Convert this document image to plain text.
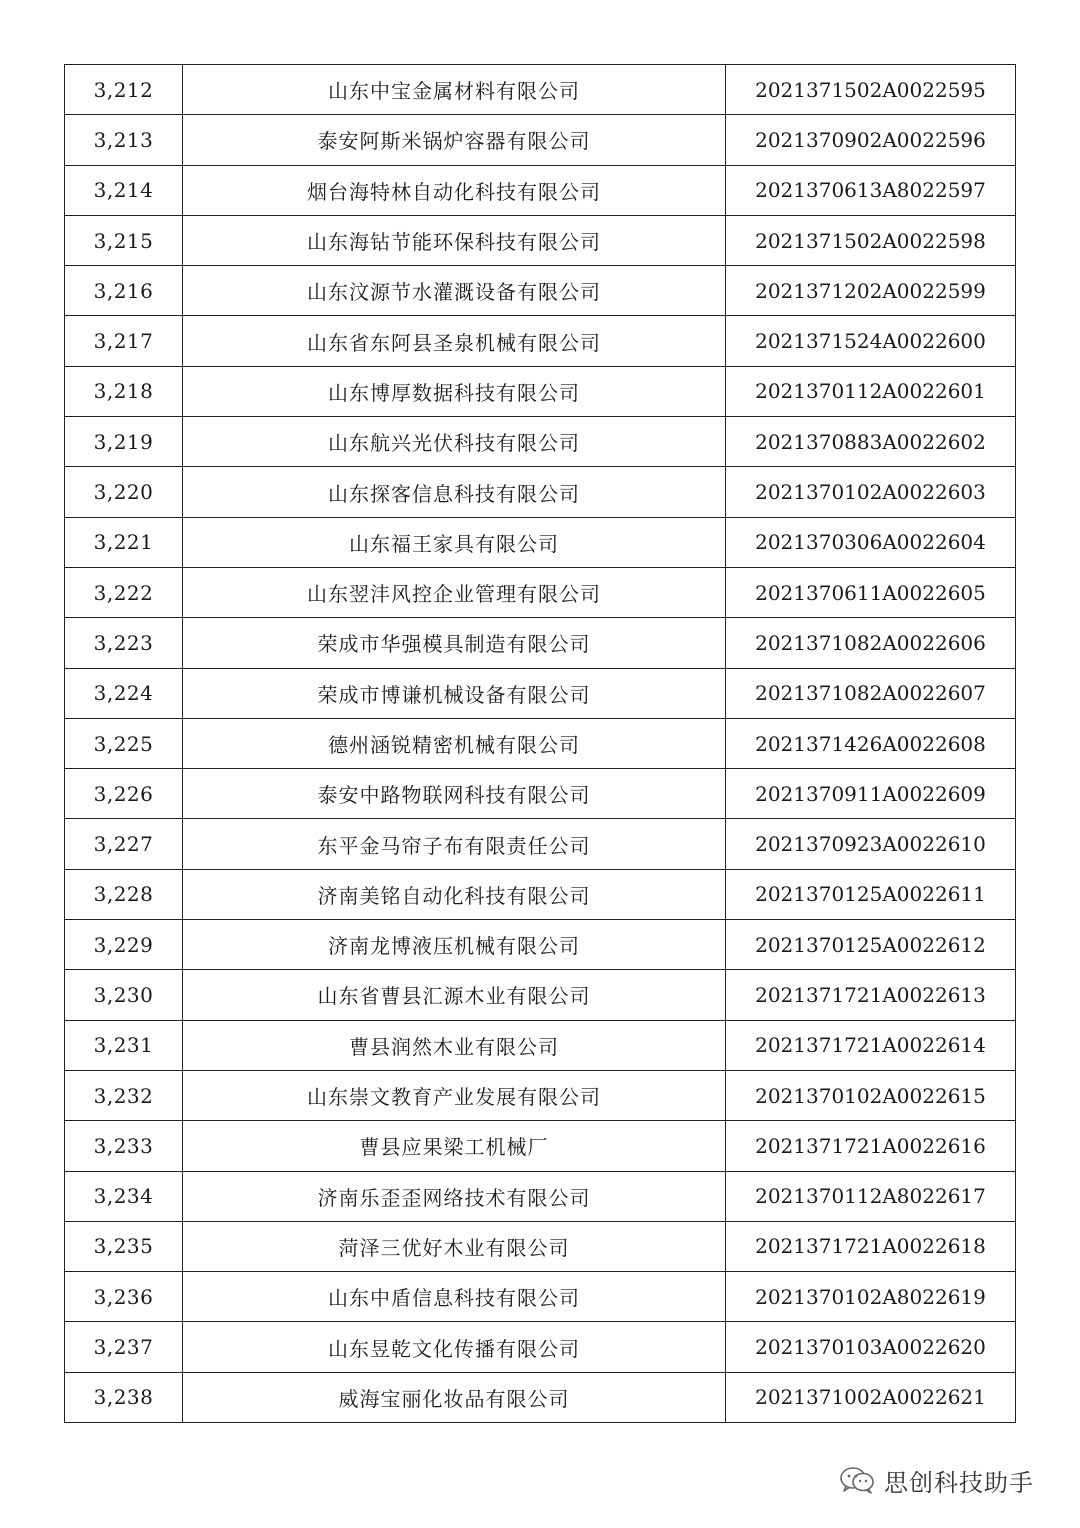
3,212	山东中宝金属材料有限公司	2021371502A0022595
3,213	泰安阿斯米锅炉容器有限公司	2021370902A0022596
3,214	烟台海特林自动化科技有限公司	2021370613A8022597
3,215	山东海钻节能环保科技有限公司	2021371502A0022598
3,216	山东汶源节水灌溉设备有限公司	2021371202A0022599
3,217	山东省东阿县圣泉机械有限公司	2021371524A0022600
3,218	山东博厚数据科技有限公司	2021370112A0022601
3,219	山东航兴光伏科技有限公司	2021370883A0022602
3,220	山东探客信息科技有限公司	2021370102A0022603
3,221	山东福王家具有限公司	2021370306A0022604
3,222	山东翌沣风控企业管理有限公司	2021370611A0022605
3,223	荣成市华强模具制造有限公司	2021371082A0022606
3,224	荣成市博谦机械设备有限公司	2021371082A0022607
3,225	德州涵锐精密机械有限公司	2021371426A0022608
3,226	泰安中路物联网科技有限公司	2021370911A0022609
3,227	东平金马帘子布有限责任公司	2021370923A0022610
3,228	济南美铭自动化科技有限公司	2021370125A0022611
3,229	济南龙博液压机械有限公司	2021370125A0022612
3,230	山东省曹县汇源木业有限公司	2021371721A0022613
3,231	曹县润然木业有限公司	2021371721A0022614
3,232	山东崇文教育产业发展有限公司	2021370102A0022615
3,233	曹县应果梁工机械厂	2021371721A0022616
3,234	济南乐歪歪网络技术有限公司	2021370112A8022617
3,235	菏泽三优好木业有限公司	2021371721A0022618
3,236	山东中盾信息科技有限公司	2021370102A8022619
3,237	山东昱乾文化传播有限公司	2021370103A0022620
3,238	威海宝丽化妆品有限公司	2021371002A0022621
思创科技助手
